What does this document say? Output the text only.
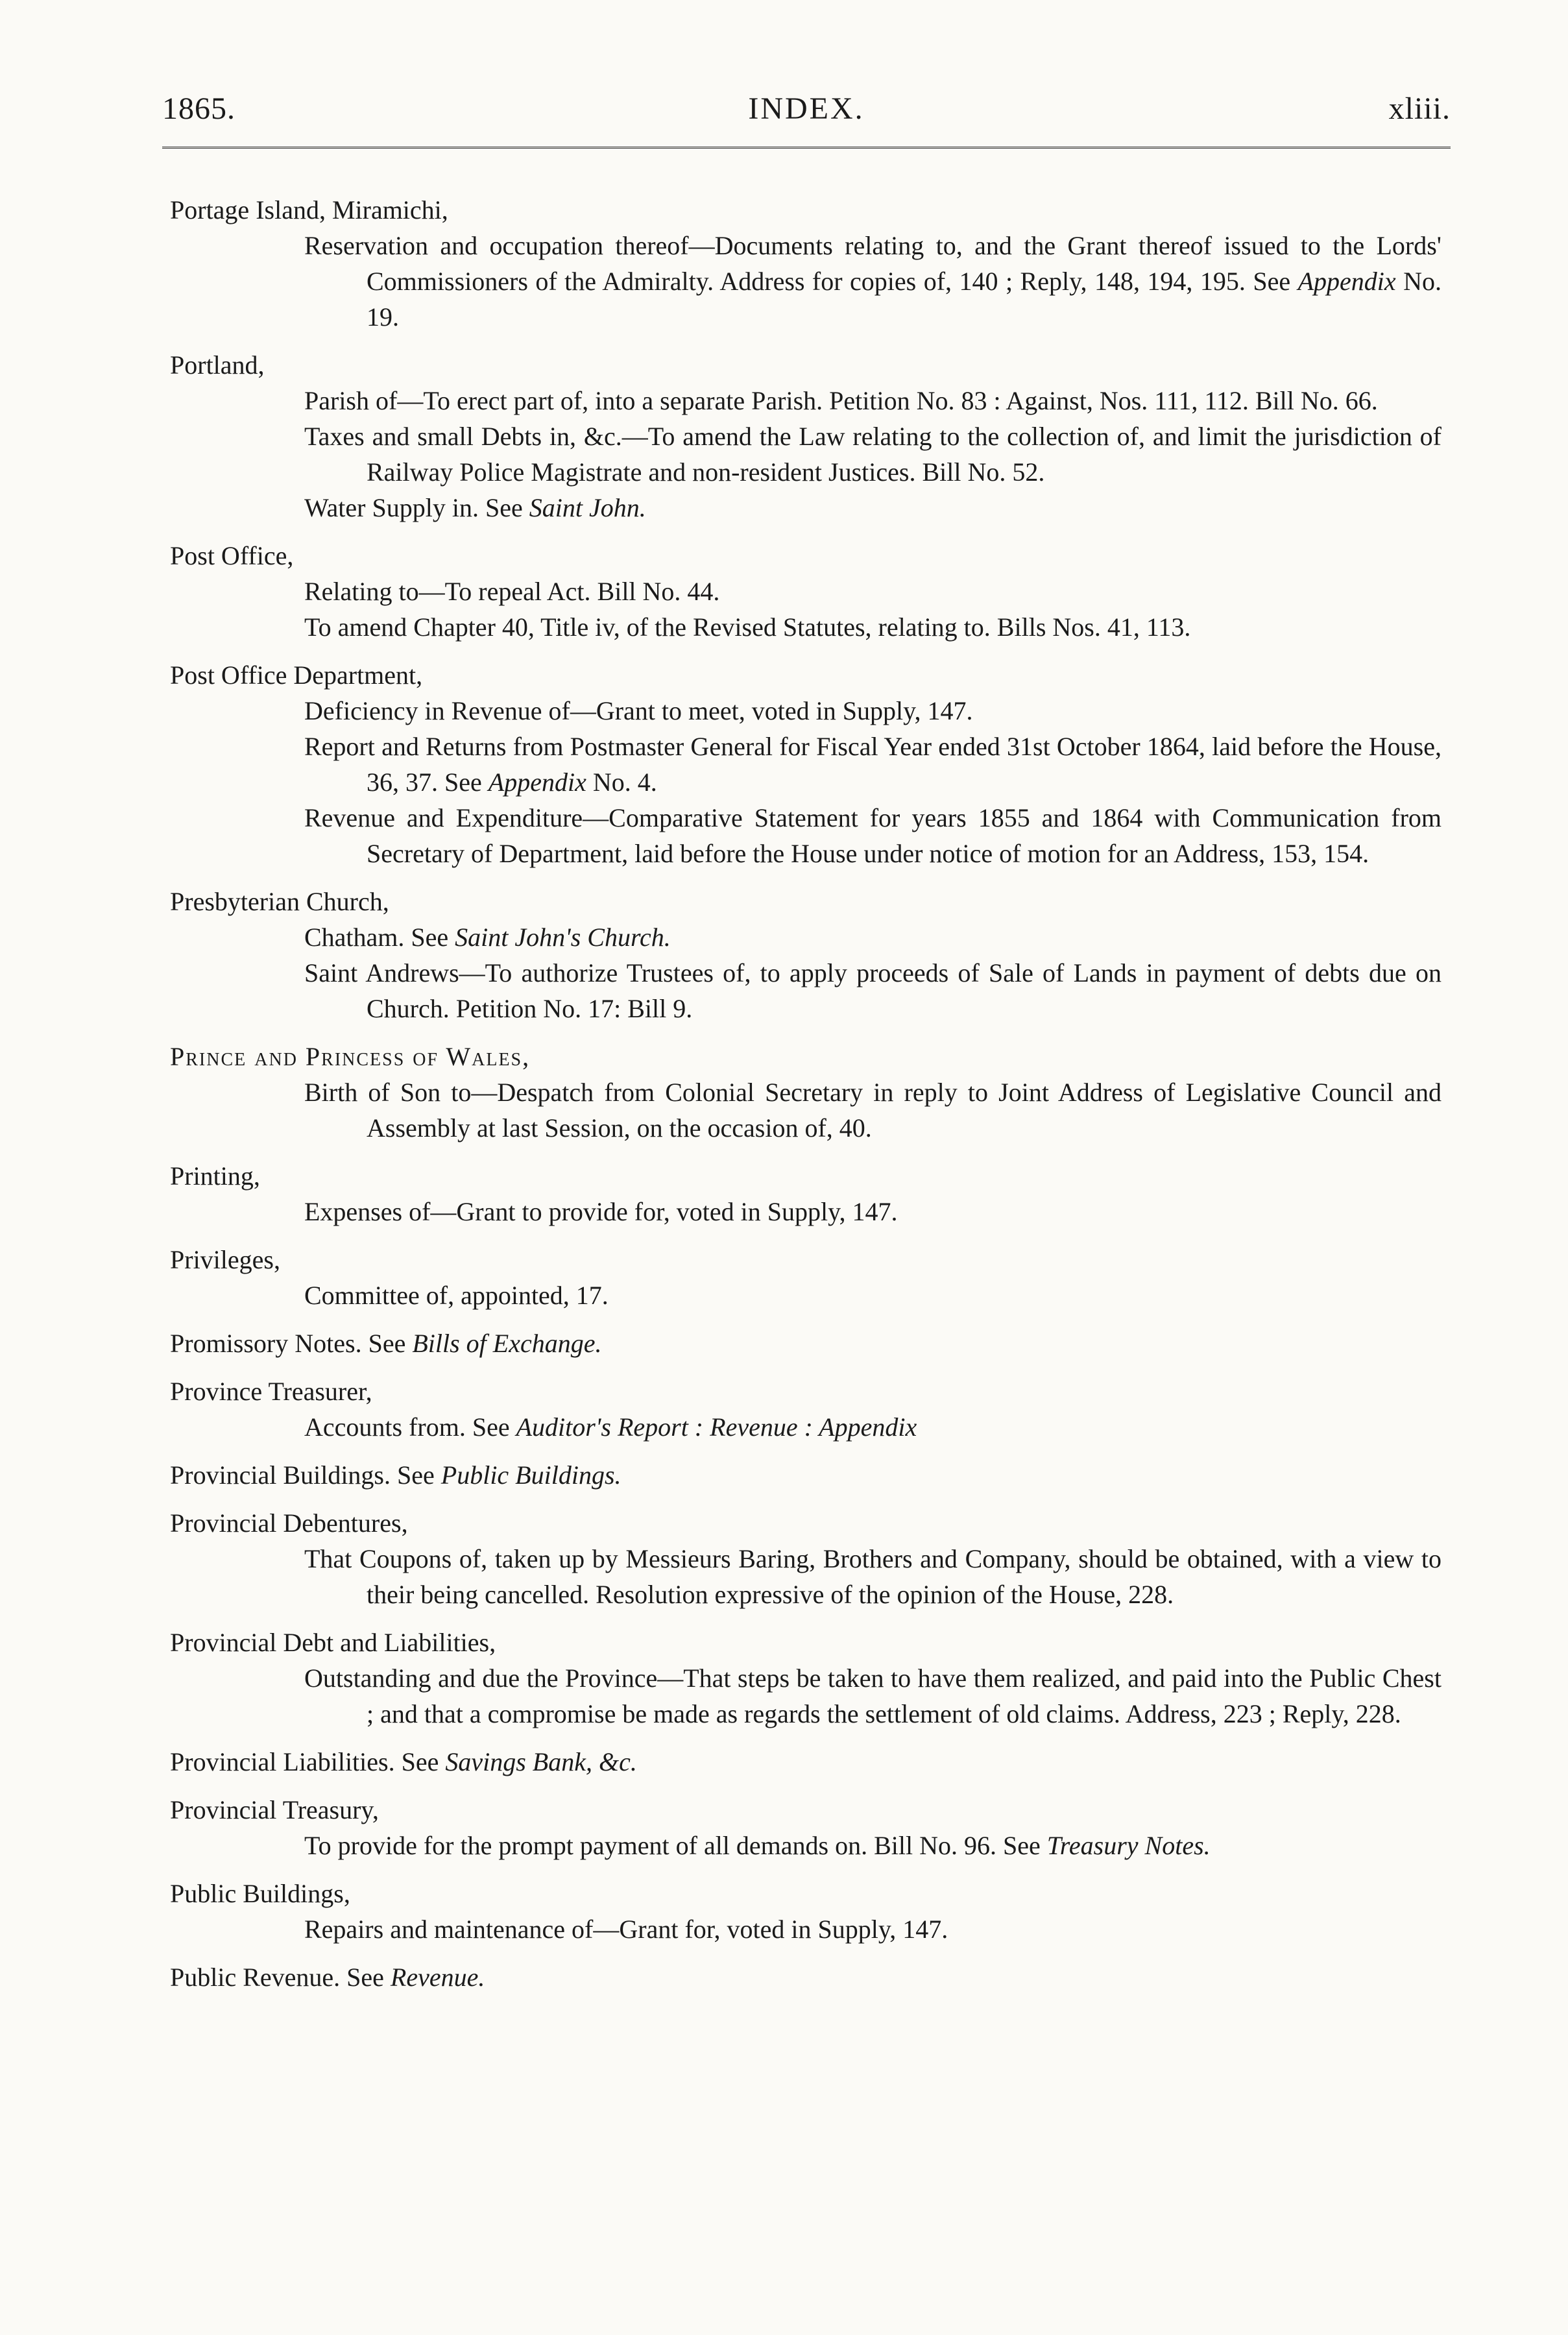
1865.	INDEX.	xliii.
Portage Island, Miramichi,
Reservation and occupation thereof—Documents relating to, and the Grant thereof issued to the Lords' Commissioners of the Admiralty. Address for copies of, 140 ; Reply, 148, 194, 195. See Appendix No. 19.
Portland,
Parish of—To erect part of, into a separate Parish. Petition No. 83 : Against, Nos. 111, 112. Bill No. 66.
Taxes and small Debts in, &c.—To amend the Law relating to the collection of, and limit the jurisdiction of Railway Police Magistrate and non-resident Justices. Bill No. 52.
Water Supply in. See Saint John.
Post Office,
Relating to—To repeal Act. Bill No. 44.
To amend Chapter 40, Title iv, of the Revised Statutes, relating to. Bills Nos. 41, 113.
Post Office Department,
Deficiency in Revenue of—Grant to meet, voted in Supply, 147.
Report and Returns from Postmaster General for Fiscal Year ended 31st October 1864, laid before the House, 36, 37. See Appendix No. 4.
Revenue and Expenditure—Comparative Statement for years 1855 and 1864 with Communication from Secretary of Department, laid before the House under notice of motion for an Address, 153, 154.
Presbyterian Church,
Chatham. See Saint John's Church.
Saint Andrews—To authorize Trustees of, to apply proceeds of Sale of Lands in payment of debts due on Church. Petition No. 17: Bill 9.
Prince and Princess of Wales,
Birth of Son to—Despatch from Colonial Secretary in reply to Joint Address of Legislative Council and Assembly at last Session, on the occasion of, 40.
Printing,
Expenses of—Grant to provide for, voted in Supply, 147.
Privileges,
Committee of, appointed, 17.
Promissory Notes. See Bills of Exchange.
Province Treasurer,
Accounts from. See Auditor's Report : Revenue : Appendix
Provincial Buildings. See Public Buildings.
Provincial Debentures,
That Coupons of, taken up by Messieurs Baring, Brothers and Company, should be obtained, with a view to their being cancelled. Resolution expressive of the opinion of the House, 228.
Provincial Debt and Liabilities,
Outstanding and due the Province—That steps be taken to have them realized, and paid into the Public Chest ; and that a compromise be made as regards the settlement of old claims. Address, 223 ; Reply, 228.
Provincial Liabilities. See Savings Bank, &c.
Provincial Treasury,
To provide for the prompt payment of all demands on. Bill No. 96. See Treasury Notes.
Public Buildings,
Repairs and maintenance of—Grant for, voted in Supply, 147.
Public Revenue. See Revenue.
